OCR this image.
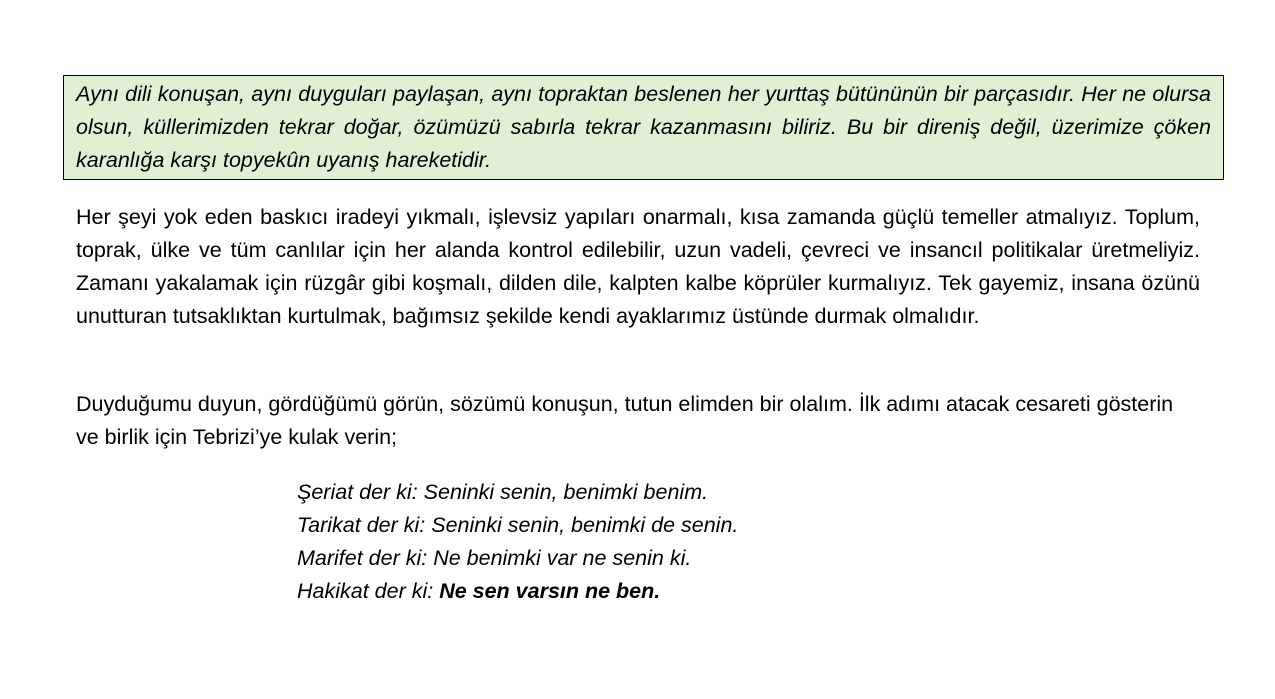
Aynı dili konuşan, aynı duyguları paylaşan, aynı topraktan beslenen her yurttaş bütününün bir parçasıdır. Her ne olursa olsun, küllerimizden tekrar doğar, özümüzü sabırla tekrar kazanmasını biliriz. Bu bir direniş değil, üzerimize çöken karanlığa karşı topyekûn uyanış hareketidir.

Her şeyi yok eden baskıcı iradeyi yıkmalı, işlevsiz yapıları onarmalı, kısa zamanda güçlü temeller atmalıyız. Toplum, toprak, ülke ve tüm canlılar için her alanda kontrol edilebilir, uzun vadeli, çevreci ve insancıl politikalar üretmeliyiz. Zamanı yakalamak için rüzgâr gibi koşmalı, dilden dile, kalpten kalbe köprüler kurmalıyız. Tek gayemiz, insana özünü unutturan tutsaklıktan kurtulmak, bağımsız şekilde kendi ayaklarımız üstünde durmak olmalıdır.

Duyduğumu duyun, gördüğümü görün, sözümü konuşun, tutun elimden bir olalım. İlk adımı atacak cesareti gösterin ve birlik için Tebrizi’ye kulak verin;

Şeriat der ki: Seninki senin, benimki benim.
Tarikat der ki: Seninki senin, benimki de senin.
Marifet der ki: Ne benimki var ne senin ki.
Hakikat der ki: Ne sen varsın ne ben.
